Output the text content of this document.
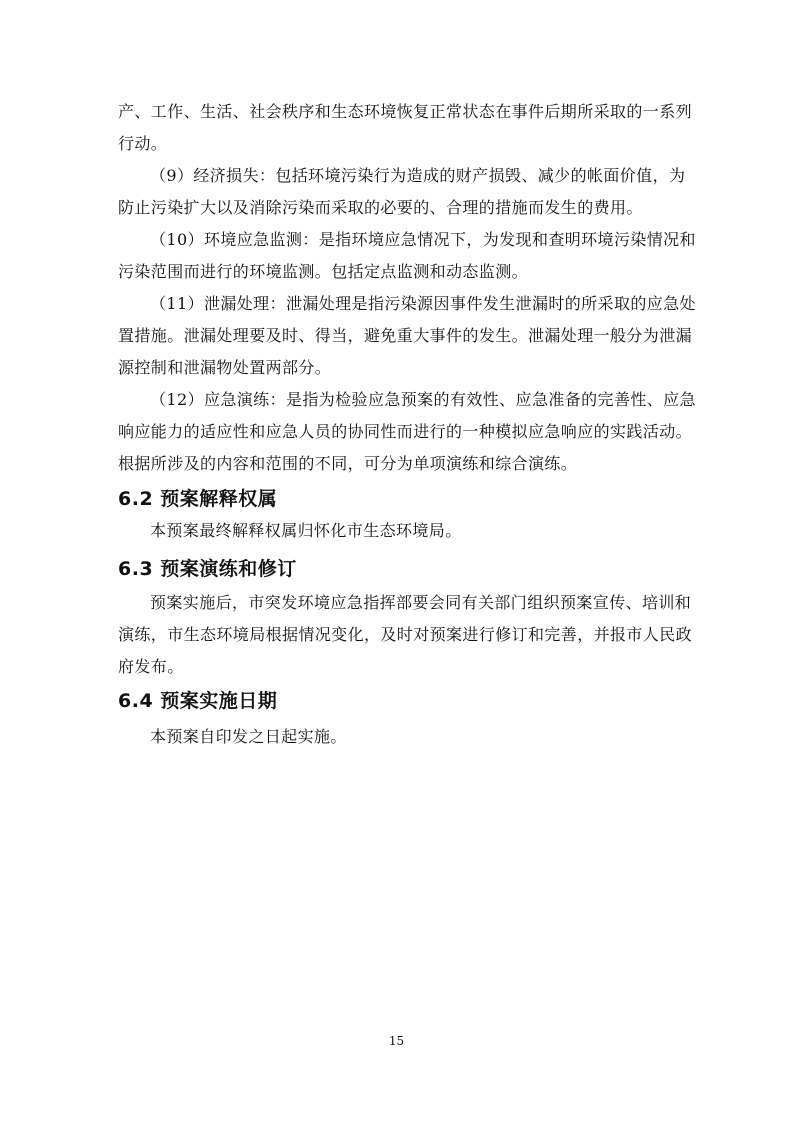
产、工作、生活、社会秩序和生态环境恢复正常状态在事件后期所采取的一系列
行动。
（9）经济损失：包括环境污染行为造成的财产损毁、减少的帐面价值，为
防止污染扩大以及消除污染而采取的必要的、合理的措施而发生的费用。
（10）环境应急监测：是指环境应急情况下，为发现和查明环境污染情况和
污染范围而进行的环境监测。包括定点监测和动态监测。
（11）泄漏处理：泄漏处理是指污染源因事件发生泄漏时的所采取的应急处
置措施。泄漏处理要及时、得当，避免重大事件的发生。泄漏处理一般分为泄漏
源控制和泄漏物处置两部分。
（12）应急演练：是指为检验应急预案的有效性、应急准备的完善性、应急
响应能力的适应性和应急人员的协同性而进行的一种模拟应急响应的实践活动。
根据所涉及的内容和范围的不同，可分为单项演练和综合演练。
6.2 预案解释权属
本预案最终解释权属归怀化市生态环境局。
6.3 预案演练和修订
预案实施后，市突发环境应急指挥部要会同有关部门组织预案宣传、培训和
演练，市生态环境局根据情况变化，及时对预案进行修订和完善，并报市人民政
府发布。
6.4 预案实施日期
本预案自印发之日起实施。
15
